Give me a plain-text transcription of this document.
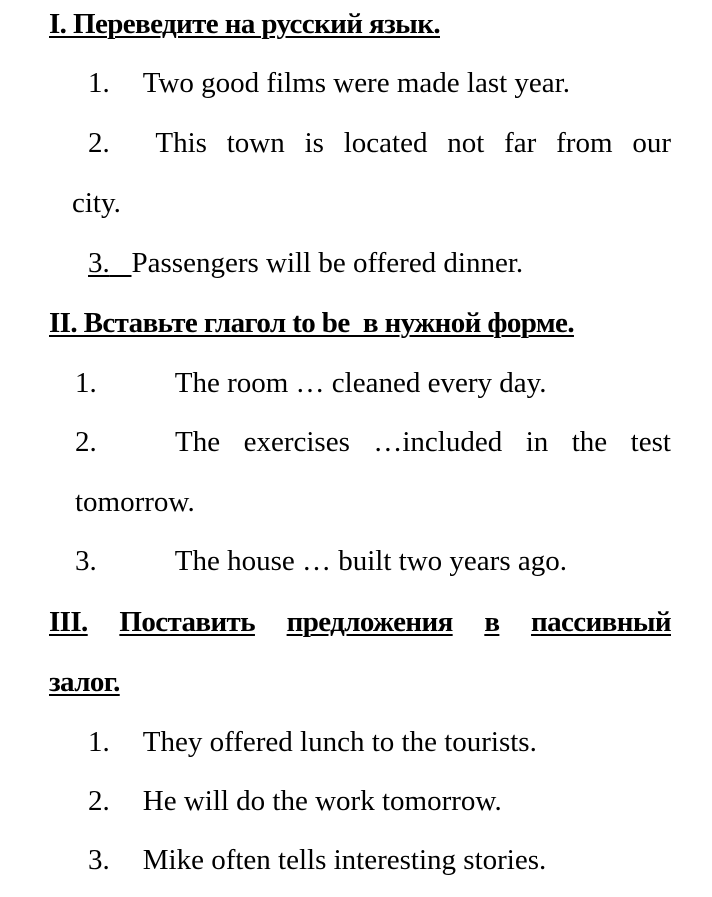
I. Переведите на русский язык.
1. Two good films were made last year.
2. This town is located not far from our
city.
3. Passengers will be offered dinner.
II. Вставьте глагол to be  в нужной форме.
1.	The room … cleaned every day.
2.	The exercises …included in the test
tomorrow.
3.	The house … built two years ago.
III. Поставить предложения в пассивный
залог.
1. They offered lunch to the tourists.
2. He will do the work tomorrow.
3. Mike often tells interesting stories.
